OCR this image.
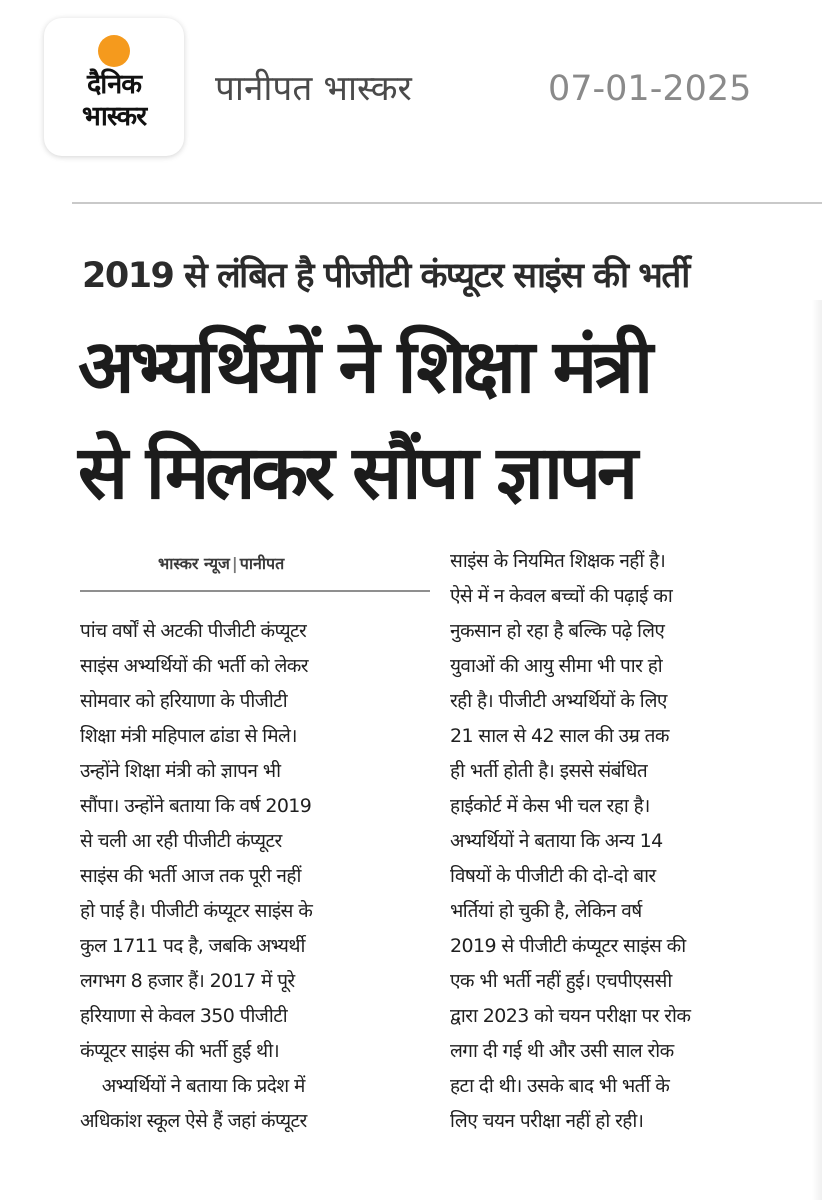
दैनिक
भास्कर
पानीपत भास्कर	07-01-2025
2019 से लंबित है पीजीटी कंप्यूटर साइंस की भर्ती
अभ्यर्थियों ने शिक्षा मंत्री
से मिलकर सौंपा ज्ञापन
भास्कर न्यूज | पानीपत
पांच वर्षों से अटकी पीजीटी कंप्यूटर
साइंस अभ्यर्थियों की भर्ती को लेकर
सोमवार को हरियाणा के पीजीटी
शिक्षा मंत्री महिपाल ढांडा से मिले।
उन्होंने शिक्षा मंत्री को ज्ञापन भी
सौंपा। उन्होंने बताया कि वर्ष 2019
से चली आ रही पीजीटी कंप्यूटर
साइंस की भर्ती आज तक पूरी नहीं
हो पाई है। पीजीटी कंप्यूटर साइंस के
कुल 1711 पद है, जबकि अभ्यर्थी
लगभग 8 हजार हैं। 2017 में पूरे
हरियाणा से केवल 350 पीजीटी
कंप्यूटर साइंस की भर्ती हुई थी।
अभ्यर्थियों ने बताया कि प्रदेश में
अधिकांश स्कूल ऐसे हैं जहां कंप्यूटर
साइंस के नियमित शिक्षक नहीं है।
ऐसे में न केवल बच्चों की पढ़ाई का
नुकसान हो रहा है बल्कि पढ़े लिए
युवाओं की आयु सीमा भी पार हो
रही है। पीजीटी अभ्यर्थियों के लिए
21 साल से 42 साल की उम्र तक
ही भर्ती होती है। इससे संबंधित
हाईकोर्ट में केस भी चल रहा है।
अभ्यर्थियों ने बताया कि अन्य 14
विषयों के पीजीटी की दो-दो बार
भर्तियां हो चुकी है, लेकिन वर्ष
2019 से पीजीटी कंप्यूटर साइंस की
एक भी भर्ती नहीं हुई। एचपीएससी
द्वारा 2023 को चयन परीक्षा पर रोक
लगा दी गई थी और उसी साल रोक
हटा दी थी। उसके बाद भी भर्ती के
लिए चयन परीक्षा नहीं हो रही।
